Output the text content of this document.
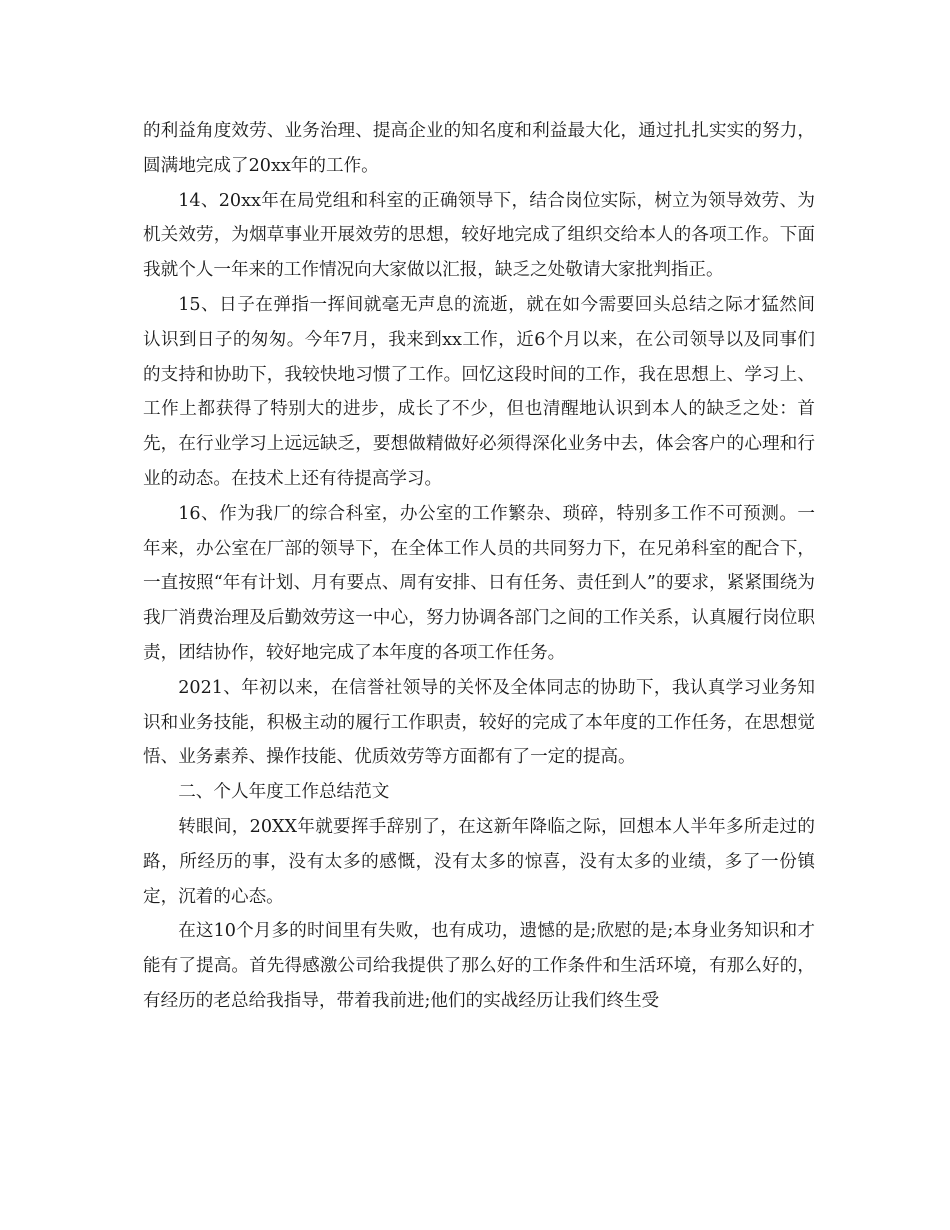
的利益角度效劳、业务治理、提高企业的知名度和利益最大化，通过扎扎实实的努力，圆满地完成了20xx年的工作。

14、20xx年在局党组和科室的正确领导下，结合岗位实际，树立为领导效劳、为机关效劳，为烟草事业开展效劳的思想，较好地完成了组织交给本人的各项工作。下面我就个人一年来的工作情况向大家做以汇报，缺乏之处敬请大家批判指正。

15、日子在弹指一挥间就毫无声息的流逝，就在如今需要回头总结之际才猛然间认识到日子的匆匆。今年7月，我来到xx工作，近6个月以来，在公司领导以及同事们的支持和协助下，我较快地习惯了工作。回忆这段时间的工作，我在思想上、学习上、工作上都获得了特别大的进步，成长了不少，但也清醒地认识到本人的缺乏之处：首先，在行业学习上远远缺乏，要想做精做好必须得深化业务中去，体会客户的心理和行业的动态。在技术上还有待提高学习。

16、作为我厂的综合科室，办公室的工作繁杂、琐碎，特别多工作不可预测。一年来，办公室在厂部的领导下，在全体工作人员的共同努力下，在兄弟科室的配合下，一直按照“年有计划、月有要点、周有安排、日有任务、责任到人”的要求，紧紧围绕为我厂消费治理及后勤效劳这一中心，努力协调各部门之间的工作关系，认真履行岗位职责，团结协作，较好地完成了本年度的各项工作任务。

2021、年初以来，在信誉社领导的关怀及全体同志的协助下，我认真学习业务知识和业务技能，积极主动的履行工作职责，较好的完成了本年度的工作任务，在思想觉悟、业务素养、操作技能、优质效劳等方面都有了一定的提高。

二、个人年度工作总结范文

转眼间，20XX年就要挥手辞别了，在这新年降临之际，回想本人半年多所走过的路，所经历的事，没有太多的感慨，没有太多的惊喜，没有太多的业绩，多了一份镇定，沉着的心态。

在这10个月多的时间里有失败，也有成功，遗憾的是;欣慰的是;本身业务知识和才能有了提高。首先得感激公司给我提供了那么好的工作条件和生活环境，有那么好的，有经历的老总给我指导，带着我前进;他们的实战经历让我们终生受
